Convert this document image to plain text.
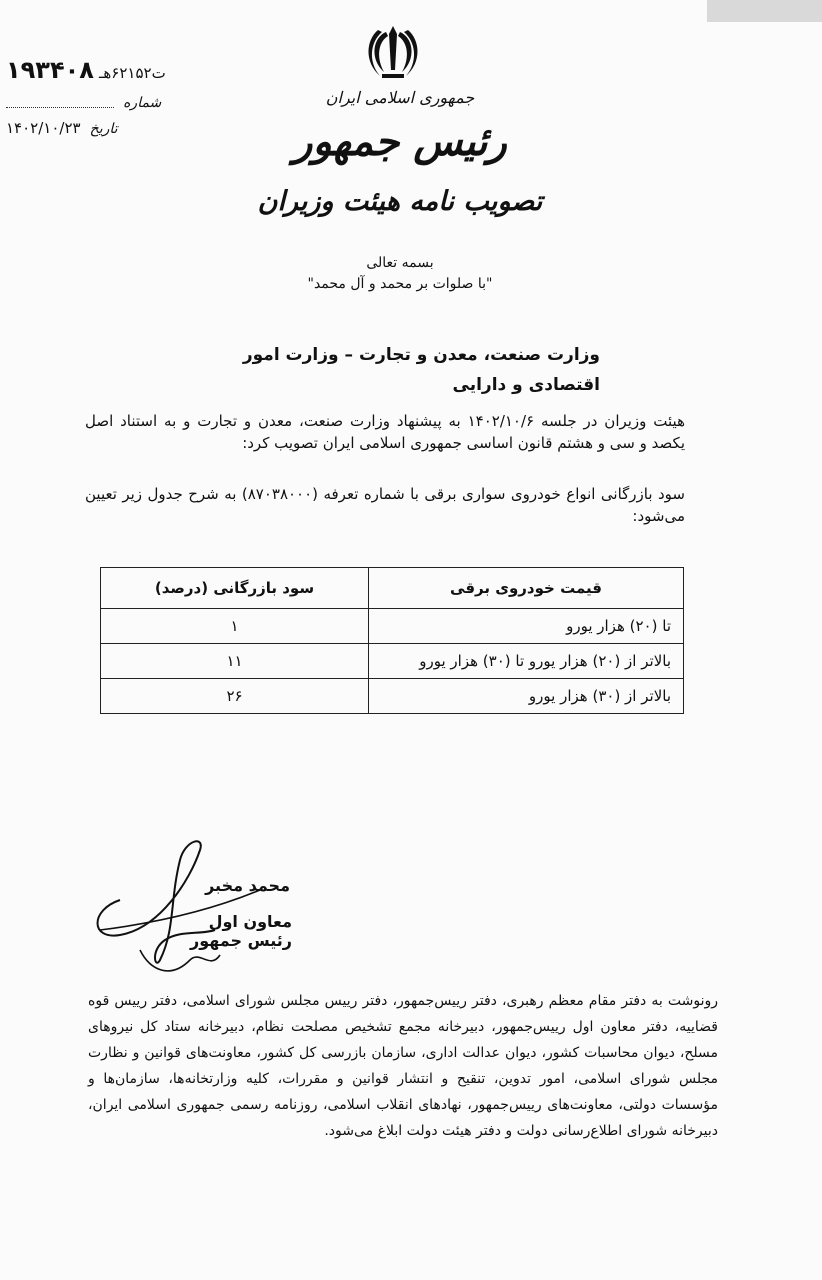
ت۶۲۱۵۲هـ ۱۹۳۴۰۸
شماره
۱۴۰۲/۱۰/۲۳ تاریخ
جمهوری اسلامی ایران
رئیس جمهور
تصویب نامه هیئت وزیران
بسمه تعالی
"با صلوات بر محمد و آل محمد"
وزارت صنعت، معدن و تجارت – وزارت امور اقتصادی و دارایی
هیئت وزیران در جلسه ۱۴۰۲/۱۰/۶ به پیشنهاد وزارت صنعت، معدن و تجارت و به استناد اصل یکصد و سی و هشتم قانون اساسی جمهوری اسلامی ایران تصویب کرد:
سود بازرگانی انواع خودروی سواری برقی با شماره تعرفه (۸۷۰۳۸۰۰۰) به شرح جدول زیر تعیین می‌شود:
قیمت خودروی برقی	سود بازرگانی (درصد)
تا (۲۰) هزار یورو	۱
بالاتر از (۲۰) هزار یورو تا (۳۰) هزار یورو	۱۱
بالاتر از (۳۰) هزار یورو	۲۶
محمد مخبر
معاون اول رئیس جمهور
رونوشت به دفتر مقام معظم رهبری، دفتر رییس‌جمهور، دفتر رییس مجلس شورای اسلامی، دفتر رییس قوه قضاییه، دفتر معاون اول رییس‌جمهور، دبیرخانه مجمع تشخیص مصلحت نظام، دبیرخانه ستاد کل نیروهای مسلح، دیوان محاسبات کشور، دیوان عدالت اداری، سازمان بازرسی کل کشور، معاونت‌های قوانین و نظارت مجلس شورای اسلامی، امور تدوین، تنقیح و انتشار قوانین و مقررات، کلیه وزارتخانه‌ها، سازمان‌ها و مؤسسات دولتی، معاونت‌های رییس‌جمهور، نهادهای انقلاب اسلامی، روزنامه رسمی جمهوری اسلامی ایران، دبیرخانه شورای اطلاع‌رسانی دولت و دفتر هیئت دولت ابلاغ می‌شود.
